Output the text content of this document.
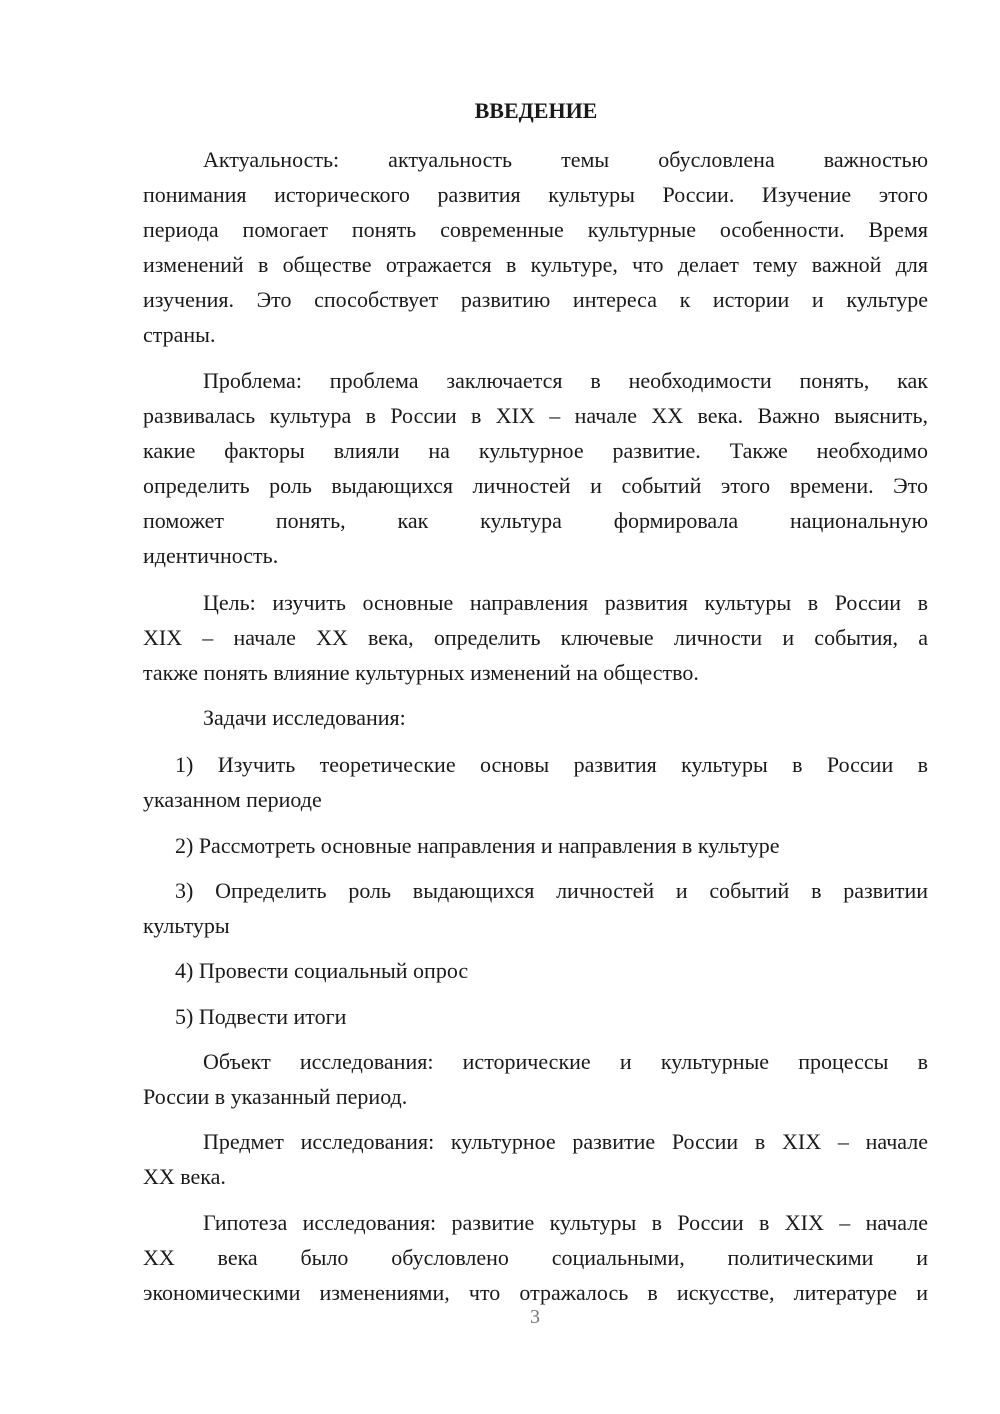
ВВЕДЕНИЕ
Актуальность: актуальность темы обусловлена важностью
понимания исторического развития культуры России. Изучение этого
периода помогает понять современные культурные особенности. Время
изменений в обществе отражается в культуре, что делает тему важной для
изучения. Это способствует развитию интереса к истории и культуре
страны.
Проблема: проблема заключается в необходимости понять, как
развивалась культура в России в XIX – начале XX века. Важно выяснить,
какие факторы влияли на культурное развитие. Также необходимо
определить роль выдающихся личностей и событий этого времени. Это
поможет понять, как культура формировала национальную
идентичность.
Цель: изучить основные направления развития культуры в России в
XIX – начале XX века, определить ключевые личности и события, а
также понять влияние культурных изменений на общество.
Задачи исследования:
1) Изучить теоретические основы развития культуры в России в
указанном периоде
2) Рассмотреть основные направления и направления в культуре
3) Определить роль выдающихся личностей и событий в развитии
культуры
4) Провести социальный опрос
5) Подвести итоги
Объект исследования: исторические и культурные процессы в
России в указанный период.
Предмет исследования: культурное развитие России в XIX – начале
XX века.
Гипотеза исследования: развитие культуры в России в XIX – начале
XX века было обусловлено социальными, политическими и
экономическими изменениями, что отражалось в искусстве, литературе и
3
